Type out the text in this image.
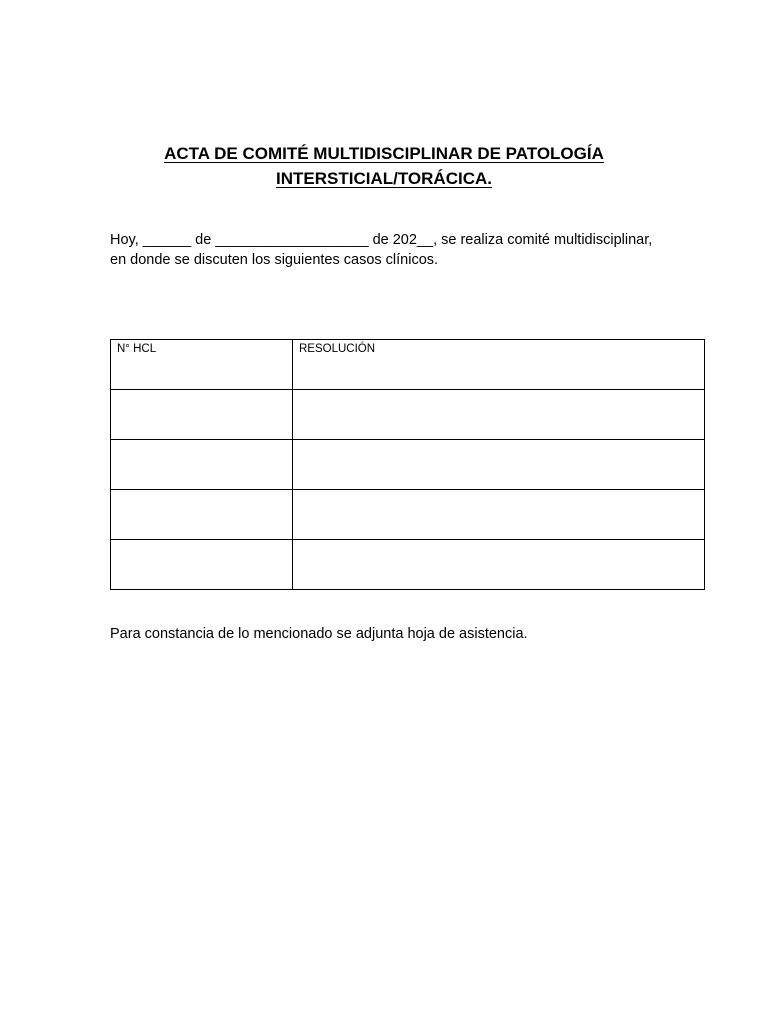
ACTA DE COMITÉ MULTIDISCIPLINAR DE PATOLOGÍA
INTERSTICIAL/TORÁCICA.
Hoy, ______ de ___________________ de 202__, se realiza comité multidisciplinar,
en donde se discuten los siguientes casos clínicos.
N° HCL	RESOLUCIÓN

Para constancia de lo mencionado se adjunta hoja de asistencia.
